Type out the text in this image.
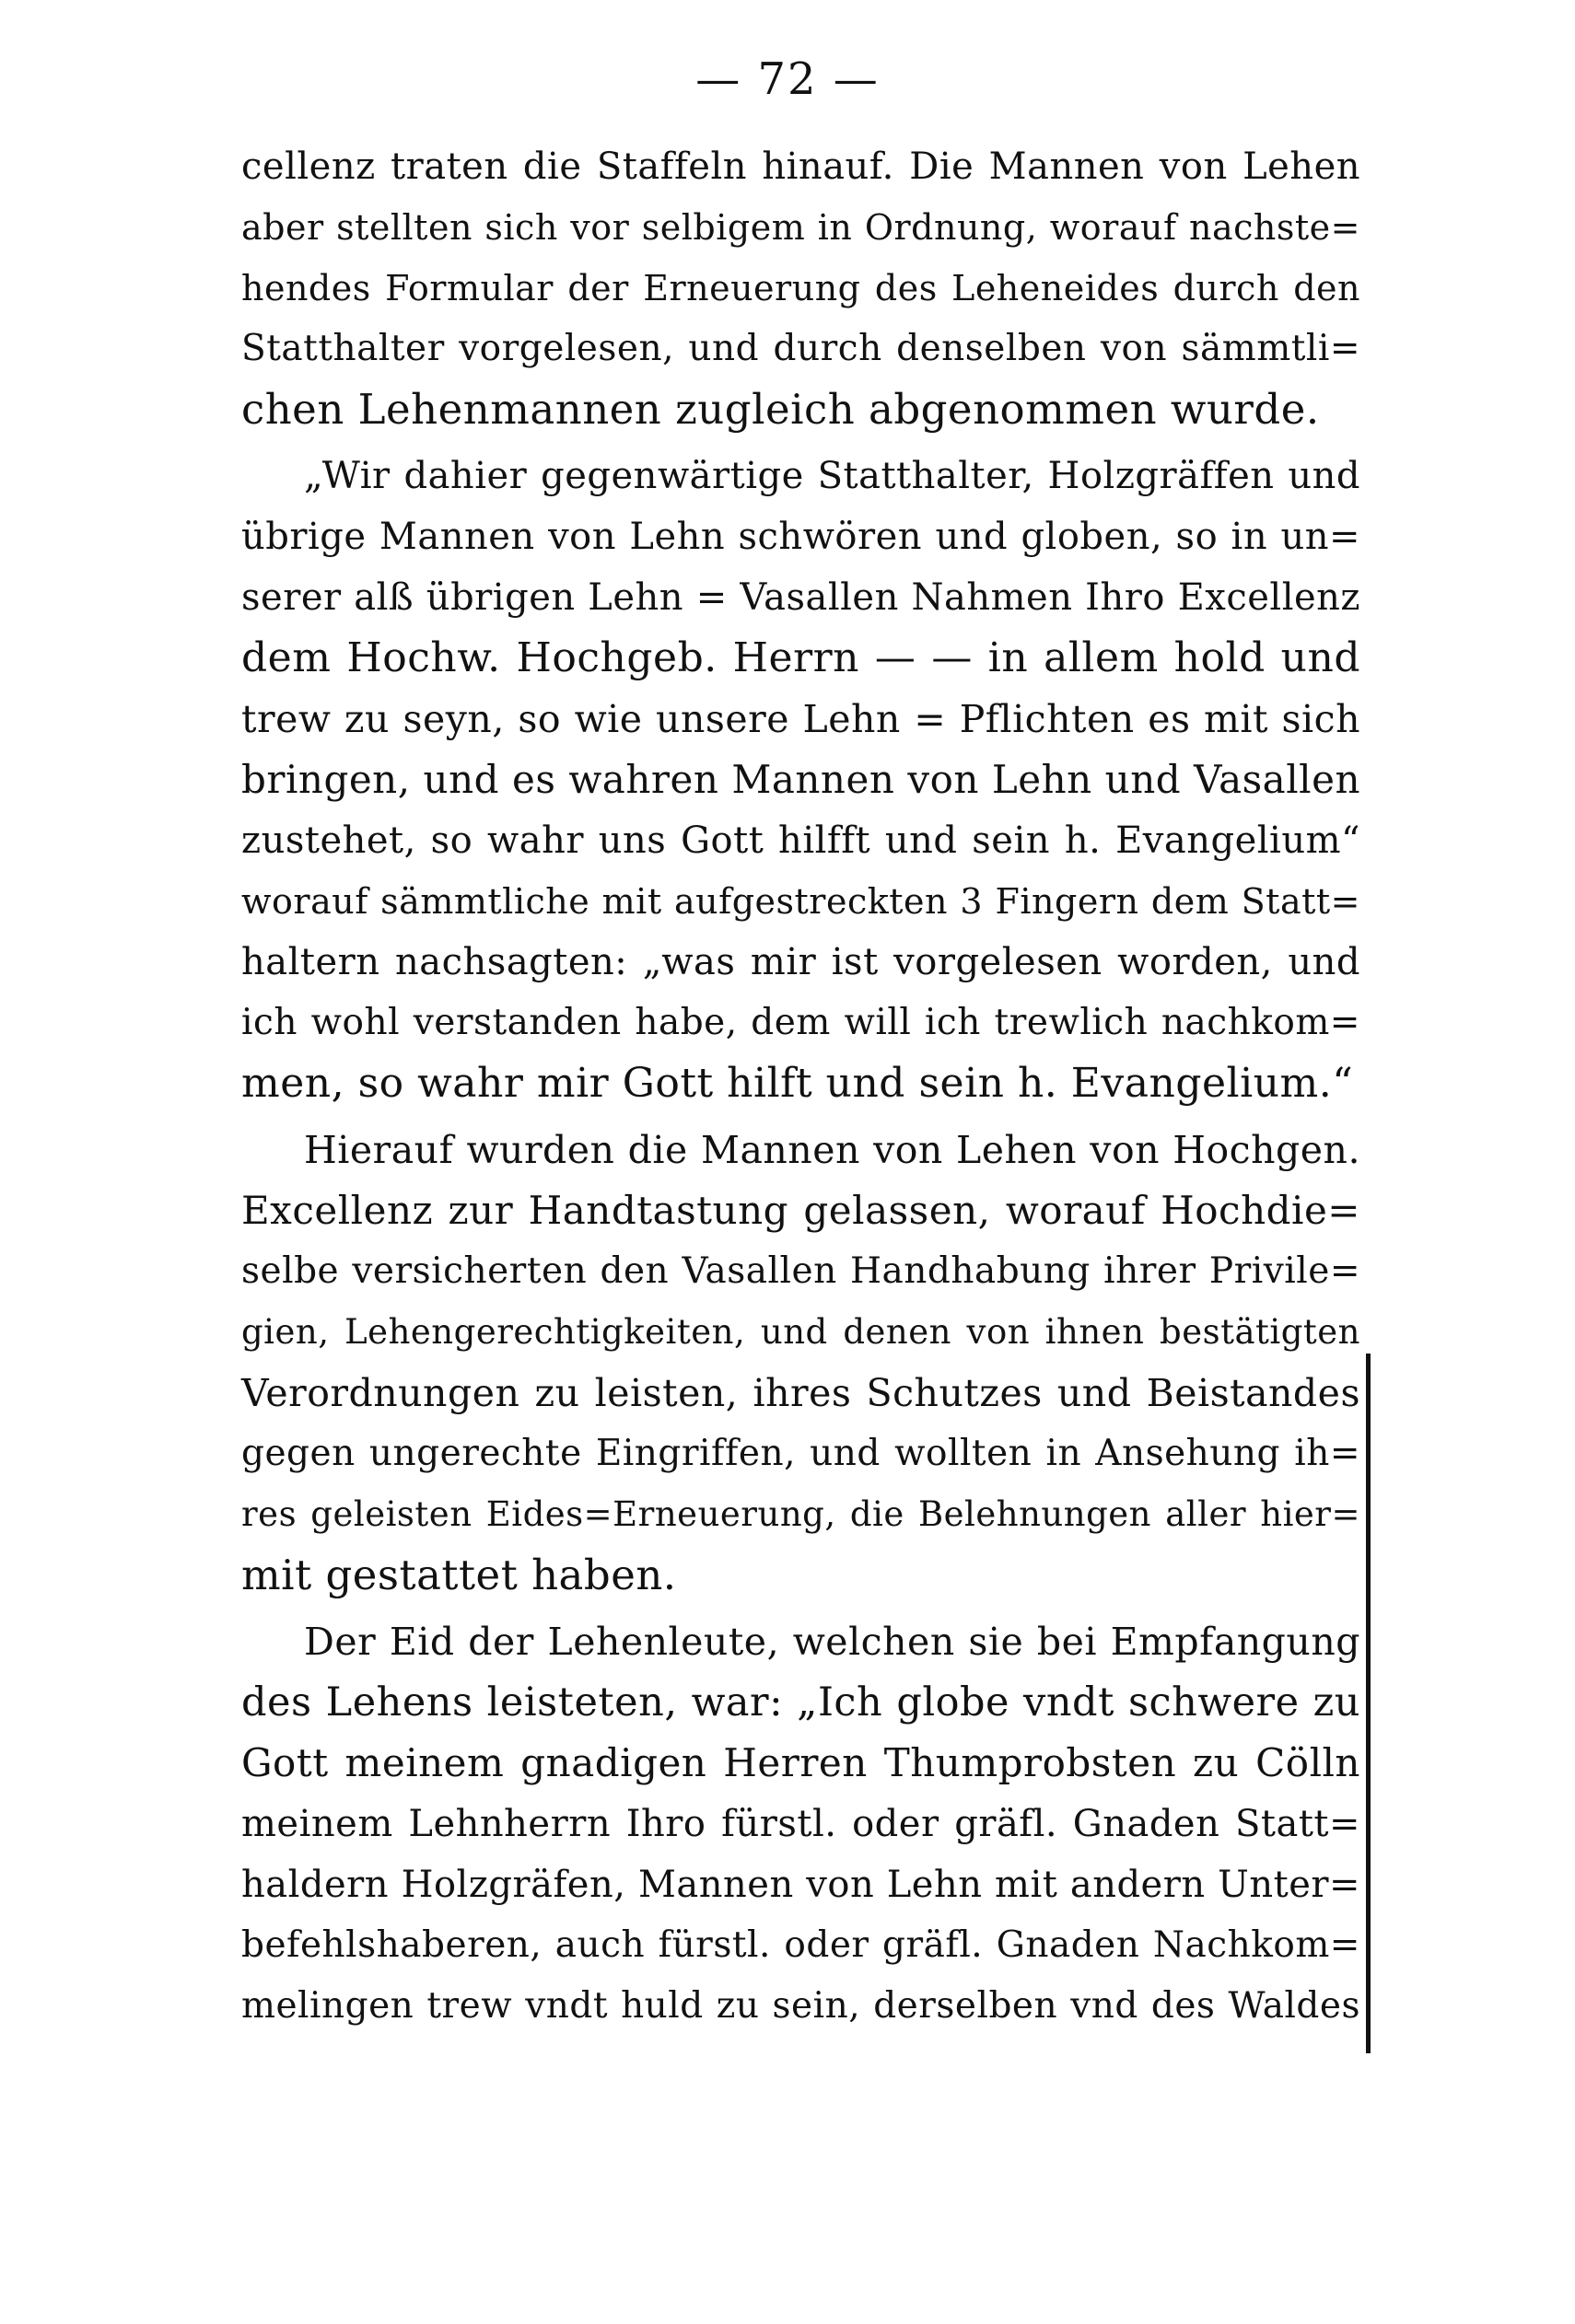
— 72 —
cellenz traten die Staffeln hinauf. Die Mannen von Lehen
aber stellten sich vor selbigem in Ordnung, worauf nachste=
hendes Formular der Erneuerung des Leheneides durch den
Statthalter vorgelesen, und durch denselben von sämmtli=
chen Lehenmannen zugleich abgenommen wurde.
„Wir dahier gegenwärtige Statthalter, Holzgräffen und
übrige Mannen von Lehn schwören und globen, so in un=
serer alß übrigen Lehn = Vasallen Nahmen Ihro Excellenz
dem Hochw. Hochgeb. Herrn — — in allem hold und
trew zu seyn, so wie unsere Lehn = Pflichten es mit sich
bringen, und es wahren Mannen von Lehn und Vasallen
zustehet, so wahr uns Gott hilfft und sein h. Evangelium“
worauf sämmtliche mit aufgestreckten 3 Fingern dem Statt=
haltern nachsagten: „was mir ist vorgelesen worden, und
ich wohl verstanden habe, dem will ich trewlich nachkom=
men, so wahr mir Gott hilft und sein h. Evangelium.“
Hierauf wurden die Mannen von Lehen von Hochgen.
Excellenz zur Handtastung gelassen, worauf Hochdie=
selbe versicherten den Vasallen Handhabung ihrer Privile=
gien, Lehengerechtigkeiten, und denen von ihnen bestätigten
Verordnungen zu leisten, ihres Schutzes und Beistandes
gegen ungerechte Eingriffen, und wollten in Ansehung ih=
res geleisten Eides=Erneuerung, die Belehnungen aller hier=
mit gestattet haben.
Der Eid der Lehenleute, welchen sie bei Empfangung
des Lehens leisteten, war: „Ich globe vndt schwere zu
Gott meinem gnadigen Herren Thumprobsten zu Cölln
meinem Lehnherrn Ihro fürstl. oder gräfl. Gnaden Statt=
haldern Holzgräfen, Mannen von Lehn mit andern Unter=
befehlshaberen, auch fürstl. oder gräfl. Gnaden Nachkom=
melingen trew vndt huld zu sein, derselben vnd des Waldes
